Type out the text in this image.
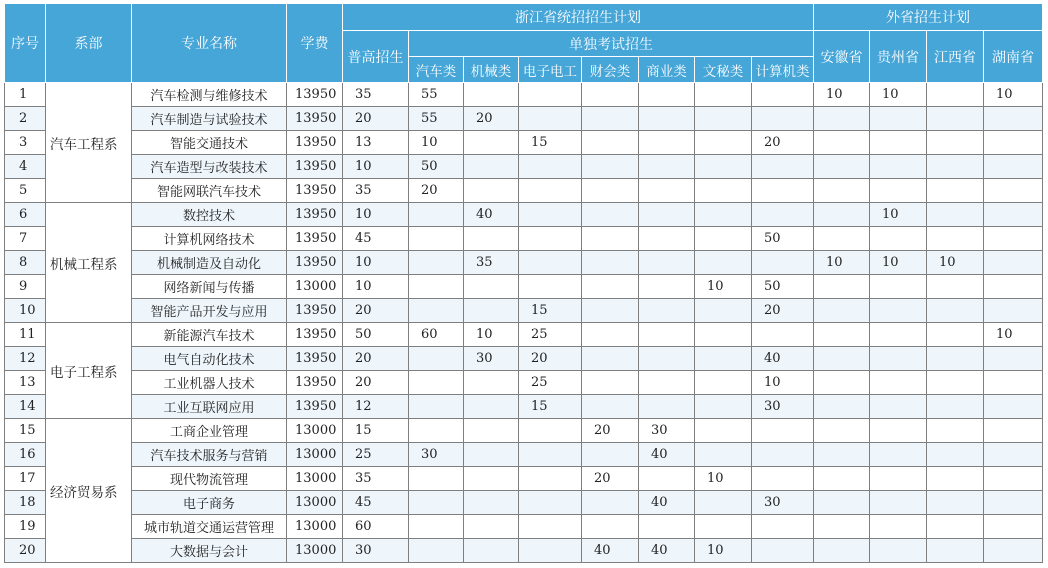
序号	系部	专业名称	学费	浙江省统招招生计划								外省招生计划			
				普高招生	单独考试招生							安徽省	贵州省	江西省	湖南省
					汽车类	机械类	电子电工	财会类	商业类	文秘类	计算机类				
1	汽车工程系	汽车检测与维修技术	13950	35	55							10	10		10
2		汽车制造与试验技术	13950	20	55	20									
3		智能交通技术	13950	13	10		15				20				
4		汽车造型与改装技术	13950	10	50										
5		智能网联汽车技术	13950	35	20										
6	机械工程系	数控技术	13950	10		40							10		
7		计算机网络技术	13950	45							50				
8		机械制造及自动化	13950	10		35						10	10	10	
9		网络新闻与传播	13000	10						10	50				
10		智能产品开发与应用	13950	20			15				20				
11	电子工程系	新能源汽车技术	13950	50	60	10	25								10
12		电气自动化技术	13950	20		30	20				40				
13		工业机器人技术	13950	20			25				10				
14		工业互联网应用	13950	12			15				30				
15	经济贸易系	工商企业管理	13000	15				20	30						
16		汽车技术服务与营销	13000	25	30				40						
17		现代物流管理	13000	35				20		10					
18		电子商务	13000	45					40		30				
19		城市轨道交通运营管理	13000	60											
20		大数据与会计	13000	30				40	40	10					
